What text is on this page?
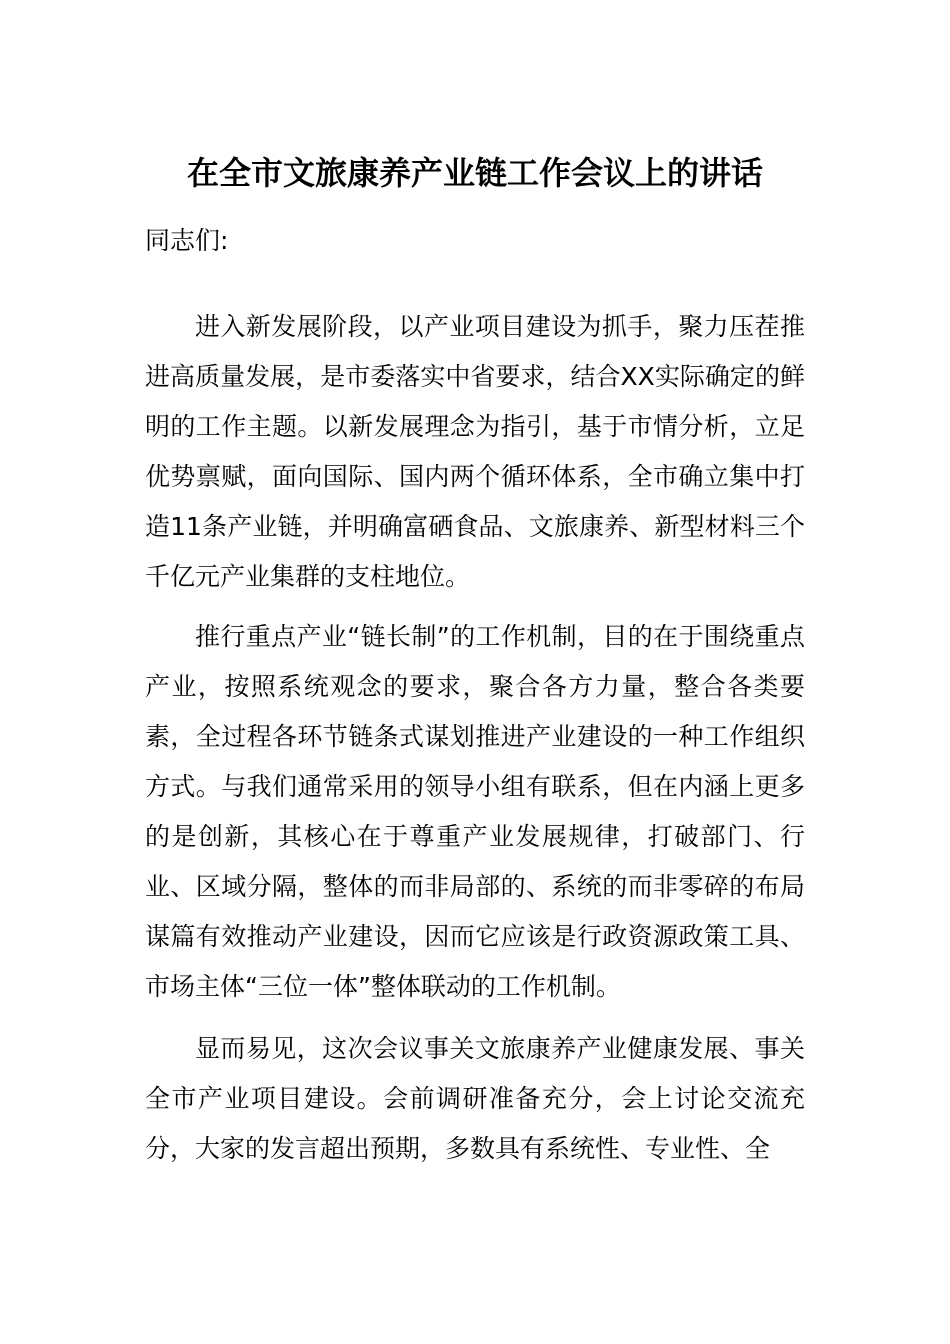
在全市文旅康养产业链工作会议上的讲话

同志们:

进入新发展阶段，以产业项目建设为抓手，聚力压茬推进高质量发展，是市委落实中省要求，结合XX实际确定的鲜明的工作主题。以新发展理念为指引，基于市情分析，立足优势禀赋，面向国际、国内两个循环体系，全市确立集中打造11条产业链，并明确富硒食品、文旅康养、新型材料三个千亿元产业集群的支柱地位。

推行重点产业“链长制”的工作机制，目的在于围绕重点产业，按照系统观念的要求，聚合各方力量，整合各类要素，全过程各环节链条式谋划推进产业建设的一种工作组织方式。与我们通常采用的领导小组有联系，但在内涵上更多的是创新，其核心在于尊重产业发展规律，打破部门、行业、区域分隔，整体的而非局部的、系统的而非零碎的布局谋篇有效推动产业建设，因而它应该是行政资源政策工具、市场主体“三位一体”整体联动的工作机制。

显而易见，这次会议事关文旅康养产业健康发展、事关全市产业项目建设。会前调研准备充分，会上讨论交流充分，大家的发言超出预期，多数具有系统性、专业性、全
